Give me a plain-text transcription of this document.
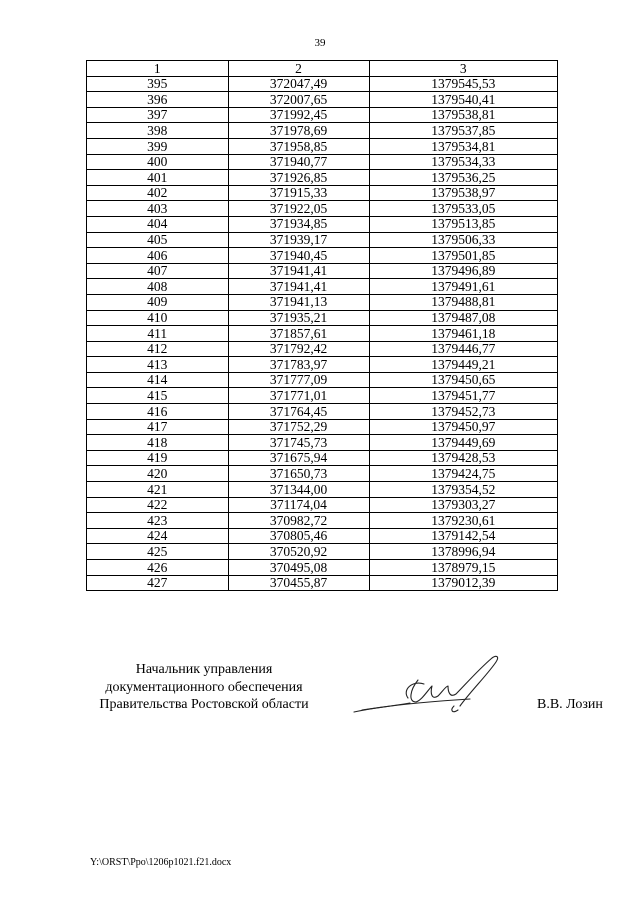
39
1	2	3
395	372047,49	1379545,53
396	372007,65	1379540,41
397	371992,45	1379538,81
398	371978,69	1379537,85
399	371958,85	1379534,81
400	371940,77	1379534,33
401	371926,85	1379536,25
402	371915,33	1379538,97
403	371922,05	1379533,05
404	371934,85	1379513,85
405	371939,17	1379506,33
406	371940,45	1379501,85
407	371941,41	1379496,89
408	371941,41	1379491,61
409	371941,13	1379488,81
410	371935,21	1379487,08
411	371857,61	1379461,18
412	371792,42	1379446,77
413	371783,97	1379449,21
414	371777,09	1379450,65
415	371771,01	1379451,77
416	371764,45	1379452,73
417	371752,29	1379450,97
418	371745,73	1379449,69
419	371675,94	1379428,53
420	371650,73	1379424,75
421	371344,00	1379354,52
422	371174,04	1379303,27
423	370982,72	1379230,61
424	370805,46	1379142,54
425	370520,92	1378996,94
426	370495,08	1378979,15
427	370455,87	1379012,39
Начальник управления
документационного обеспечения
Правительства Ростовской области	В.В. Лозин
Y:\ORST\Ppo\1206p1021.f21.docx
